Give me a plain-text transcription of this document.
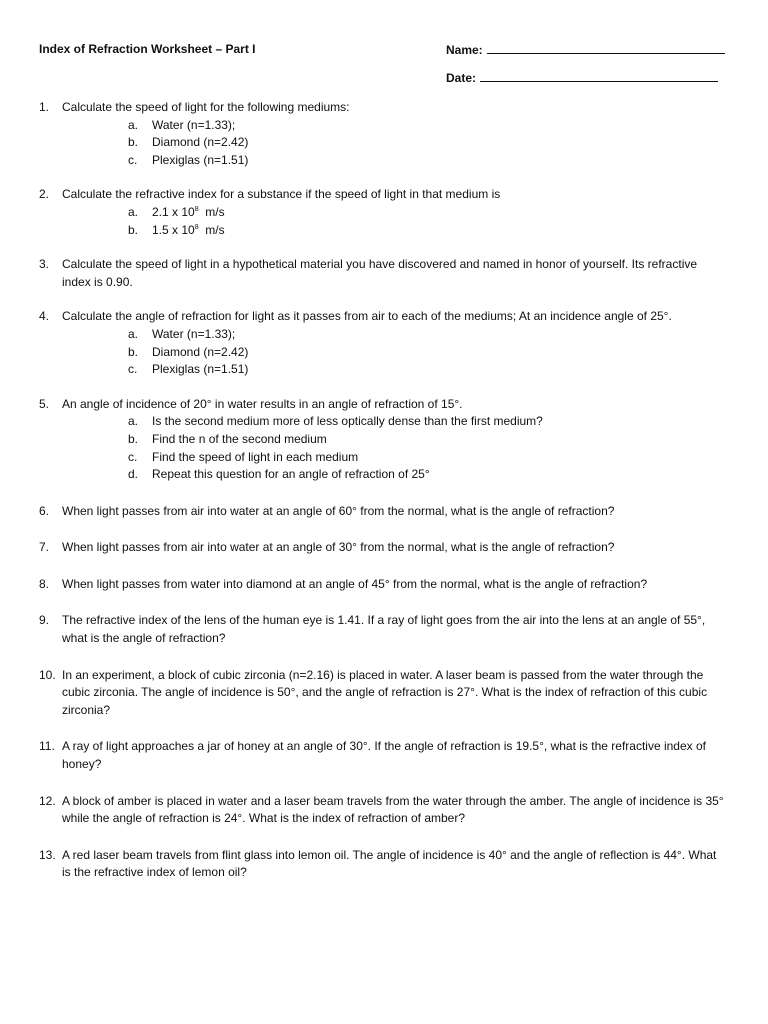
Index of Refraction Worksheet – Part I	Name:
Date:
1. Calculate the speed of light for the following mediums:
a. Water (n=1.33);
b. Diamond (n=2.42)
c. Plexiglas (n=1.51)
2. Calculate the refractive index for a substance if the speed of light in that medium is
a. 2.1 x $10^8$ m/s
b. 1.5 x $10^8$ m/s
3. Calculate the speed of light in a hypothetical material you have discovered and named in honor of yourself. Its refractive index is 0.90.
4. Calculate the angle of refraction for light as it passes from air to each of the mediums; At an incidence angle of 25°.
a. Water (n=1.33);
b. Diamond (n=2.42)
c. Plexiglas (n=1.51)
5. An angle of incidence of 20° in water results in an angle of refraction of 15°.
a. Is the second medium more of less optically dense than the first medium?
b. Find the n of the second medium
c. Find the speed of light in each medium
d. Repeat this question for an angle of refraction of 25°
6. When light passes from air into water at an angle of 60° from the normal, what is the angle of refraction?
7. When light passes from air into water at an angle of 30° from the normal, what is the angle of refraction?
8. When light passes from water into diamond at an angle of 45° from the normal, what is the angle of refraction?
9. The refractive index of the lens of the human eye is 1.41. If a ray of light goes from the air into the lens at an angle of 55°, what is the angle of refraction?
10. In an experiment, a block of cubic zirconia (n=2.16) is placed in water. A laser beam is passed from the water through the cubic zirconia. The angle of incidence is 50°, and the angle of refraction is 27°. What is the index of refraction of this cubic zirconia?
11. A ray of light approaches a jar of honey at an angle of 30°. If the angle of refraction is 19.5°, what is the refractive index of honey?
12. A block of amber is placed in water and a laser beam travels from the water through the amber. The angle of incidence is 35° while the angle of refraction is 24°. What is the index of refraction of amber?
13. A red laser beam travels from flint glass into lemon oil. The angle of incidence is 40° and the angle of reflection is 44°. What is the refractive index of lemon oil?
